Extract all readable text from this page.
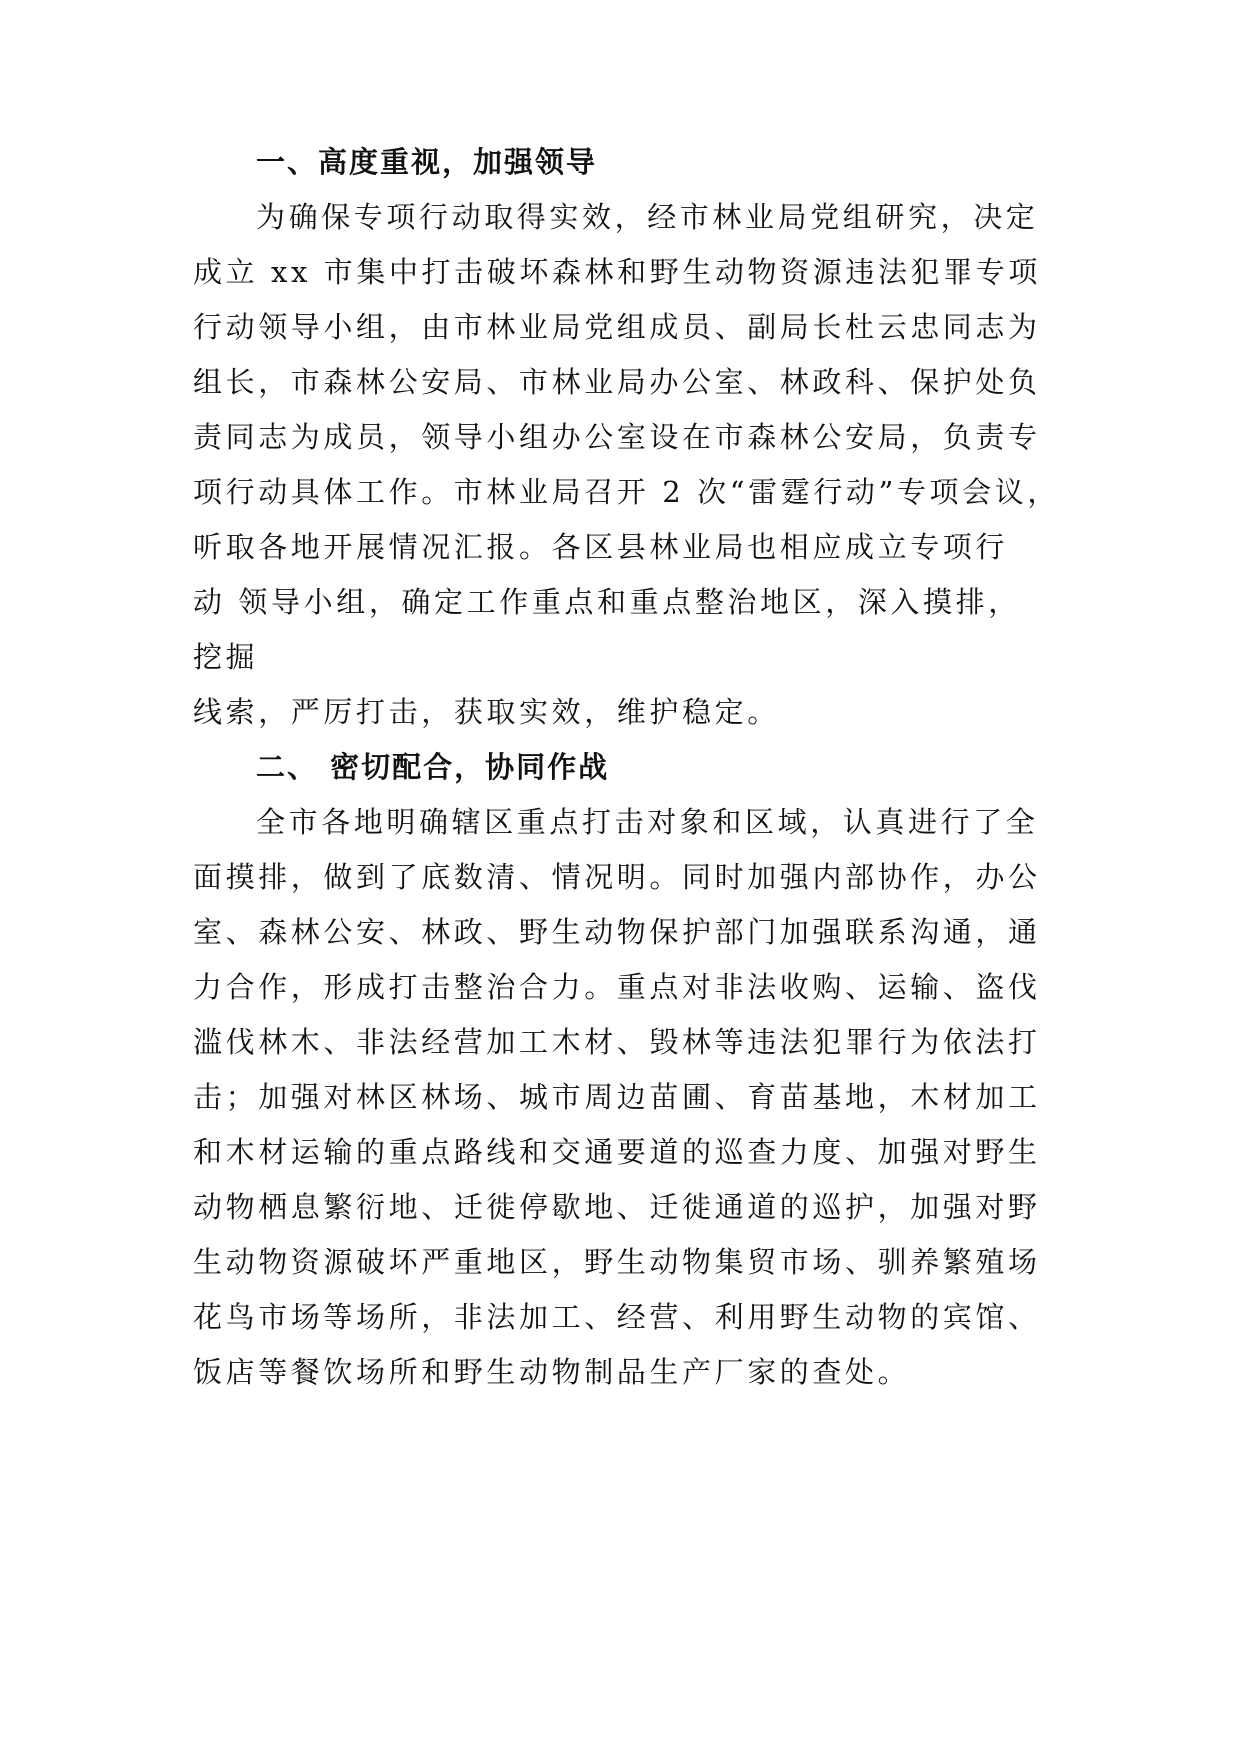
一、高度重视，加强领导
为确保专项行动取得实效，经市林业局党组研究，决定
成立 xx 市集中打击破坏森林和野生动物资源违法犯罪专项
行动领导小组，由市林业局党组成员、副局长杜云忠同志为
组长，市森林公安局、市林业局办公室、林政科、保护处负
责同志为成员，领导小组办公室设在市森林公安局，负责专
项行动具体工作。市林业局召开 2 次“雷霆行动”专项会议，
听取各地开展情况汇报。各区县林业局也相应成立专项行
动 领导小组，确定工作重点和重点整治地区，深入摸排，
挖掘
线索，严厉打击，获取实效，维护稳定。
二、 密切配合，协同作战
全市各地明确辖区重点打击对象和区域，认真进行了全
面摸排，做到了底数清、情况明。同时加强内部协作，办公
室、森林公安、林政、野生动物保护部门加强联系沟通，通
力合作，形成打击整治合力。重点对非法收购、运输、盗伐
滥伐林木、非法经营加工木材、毁林等违法犯罪行为依法打
击；加强对林区林场、城市周边苗圃、育苗基地，木材加工
和木材运输的重点路线和交通要道的巡查力度、加强对野生
动物栖息繁衍地、迁徙停歇地、迁徙通道的巡护，加强对野
生动物资源破坏严重地区，野生动物集贸市场、驯养繁殖场
花鸟市场等场所，非法加工、经营、利用野生动物的宾馆、
饭店等餐饮场所和野生动物制品生产厂家的查处。
